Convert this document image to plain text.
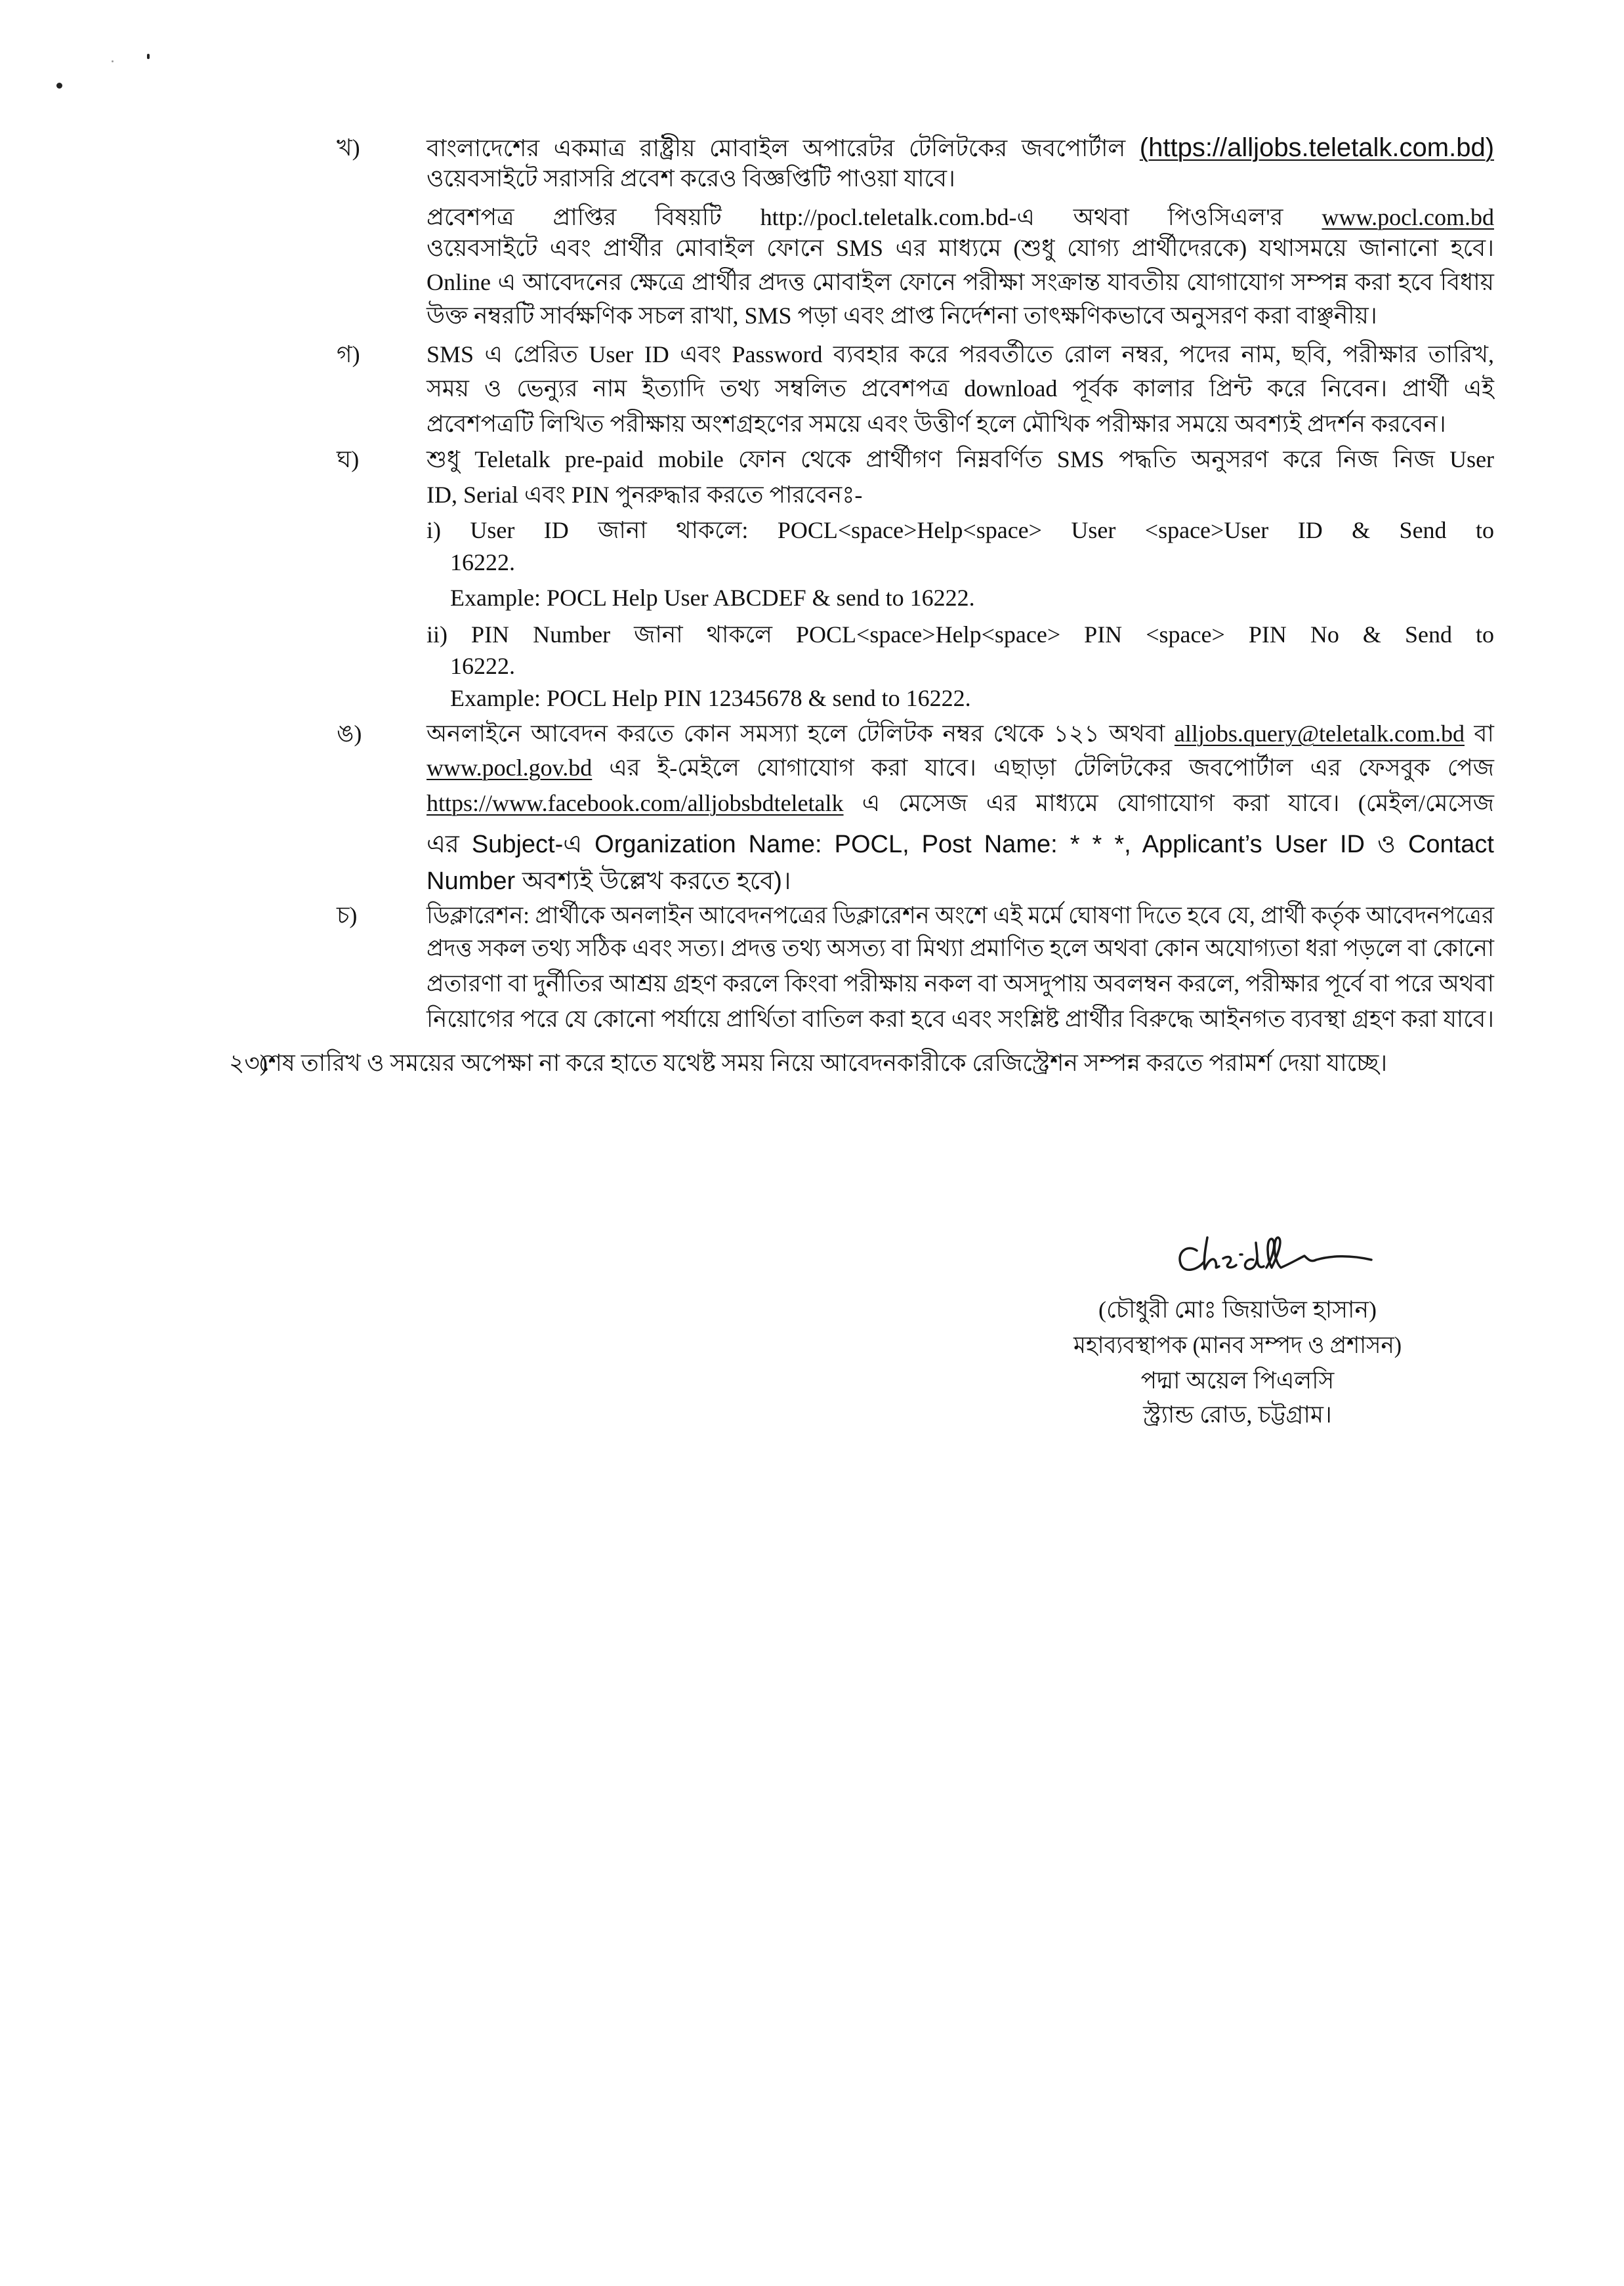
খ)	বাংলাদেশের একমাত্র রাষ্ট্রীয় মোবাইল অপারেটর টেলিটকের জবপোর্টাল (https://alljobs.teletalk.com.bd)
ওয়েবসাইটে সরাসরি প্রবেশ করেও বিজ্ঞপ্তিটি পাওয়া যাবে।
প্রবেশপত্র প্রাপ্তির বিষয়টি http://pocl.teletalk.com.bd-এ অথবা পিওসিএল'র www.pocl.com.bd
ওয়েবসাইটে এবং প্রার্থীর মোবাইল ফোনে SMS এর মাধ্যমে (শুধু যোগ্য প্রার্থীদেরকে) যথাসময়ে জানানো হবে।
Online এ আবেদনের ক্ষেত্রে প্রার্থীর প্রদত্ত মোবাইল ফোনে পরীক্ষা সংক্রান্ত যাবতীয় যোগাযোগ সম্পন্ন করা হবে বিধায়
উক্ত নম্বরটি সার্বক্ষণিক সচল রাখা, SMS পড়া এবং প্রাপ্ত নির্দেশনা তাৎক্ষণিকভাবে অনুসরণ করা বাঞ্ছনীয়।
গ)	SMS এ প্রেরিত User ID এবং Password ব্যবহার করে পরবর্তীতে রোল নম্বর, পদের নাম, ছবি, পরীক্ষার তারিখ,
সময় ও ভেন্যুর নাম ইত্যাদি তথ্য সম্বলিত প্রবেশপত্র download পূর্বক কালার প্রিন্ট করে নিবেন। প্রার্থী এই
প্রবেশপত্রটি লিখিত পরীক্ষায় অংশগ্রহণের সময়ে এবং উত্তীর্ণ হলে মৌখিক পরীক্ষার সময়ে অবশ্যই প্রদর্শন করবেন।
ঘ)	শুধু Teletalk pre-paid mobile ফোন থেকে প্রার্থীগণ নিম্নবর্ণিত SMS পদ্ধতি অনুসরণ করে নিজ নিজ User
ID, Serial এবং PIN পুনরুদ্ধার করতে পারবেনঃ-
i) User ID জানা থাকলে: POCL<space>Help<space> User <space>User ID & Send to
16222.
Example: POCL Help User ABCDEF & send to 16222.
ii) PIN Number জানা থাকলে POCL<space>Help<space> PIN <space> PIN No & Send to
16222.
Example: POCL Help PIN 12345678 & send to 16222.
ঙ)	অনলাইনে আবেদন করতে কোন সমস্যা হলে টেলিটক নম্বর থেকে ১২১ অথবা alljobs.query@teletalk.com.bd বা
www.pocl.gov.bd এর ই-মেইলে যোগাযোগ করা যাবে। এছাড়া টেলিটকের জবপোর্টাল এর ফেসবুক পেজ
https://www.facebook.com/alljobsbdteletalk এ মেসেজ এর মাধ্যমে যোগাযোগ করা যাবে। (মেইল/মেসেজ
এর Subject-এ Organization Name: POCL, Post Name: * * *, Applicant’s User ID ও Contact
Number অবশ্যই উল্লেখ করতে হবে)।
চ)	ডিক্লারেশন: প্রার্থীকে অনলাইন আবেদনপত্রের ডিক্লারেশন অংশে এই মর্মে ঘোষণা দিতে হবে যে, প্রার্থী কর্তৃক আবেদনপত্রের
প্রদত্ত সকল তথ্য সঠিক এবং সত্য। প্রদত্ত তথ্য অসত্য বা মিথ্যা প্রমাণিত হলে অথবা কোন অযোগ্যতা ধরা পড়লে বা কোনো
প্রতারণা বা দুর্নীতির আশ্রয় গ্রহণ করলে কিংবা পরীক্ষায় নকল বা অসদুপায় অবলম্বন করলে, পরীক্ষার পূর্বে বা পরে অথবা
নিয়োগের পরে যে কোনো পর্যায়ে প্রার্থিতা বাতিল করা হবে এবং সংশ্লিষ্ট প্রার্থীর বিরুদ্ধে আইনগত ব্যবস্থা গ্রহণ করা যাবে।
২৩)
শেষ তারিখ ও সময়ের অপেক্ষা না করে হাতে যথেষ্ট সময় নিয়ে আবেদনকারীকে রেজিস্ট্রেশন সম্পন্ন করতে পরামর্শ দেয়া যাচ্ছে।
(চৌধুরী মোঃ জিয়াউল হাসান)
মহাব্যবস্থাপক (মানব সম্পদ ও প্রশাসন)
পদ্মা অয়েল পিএলসি
স্ট্র্যান্ড রোড, চট্টগ্রাম।
